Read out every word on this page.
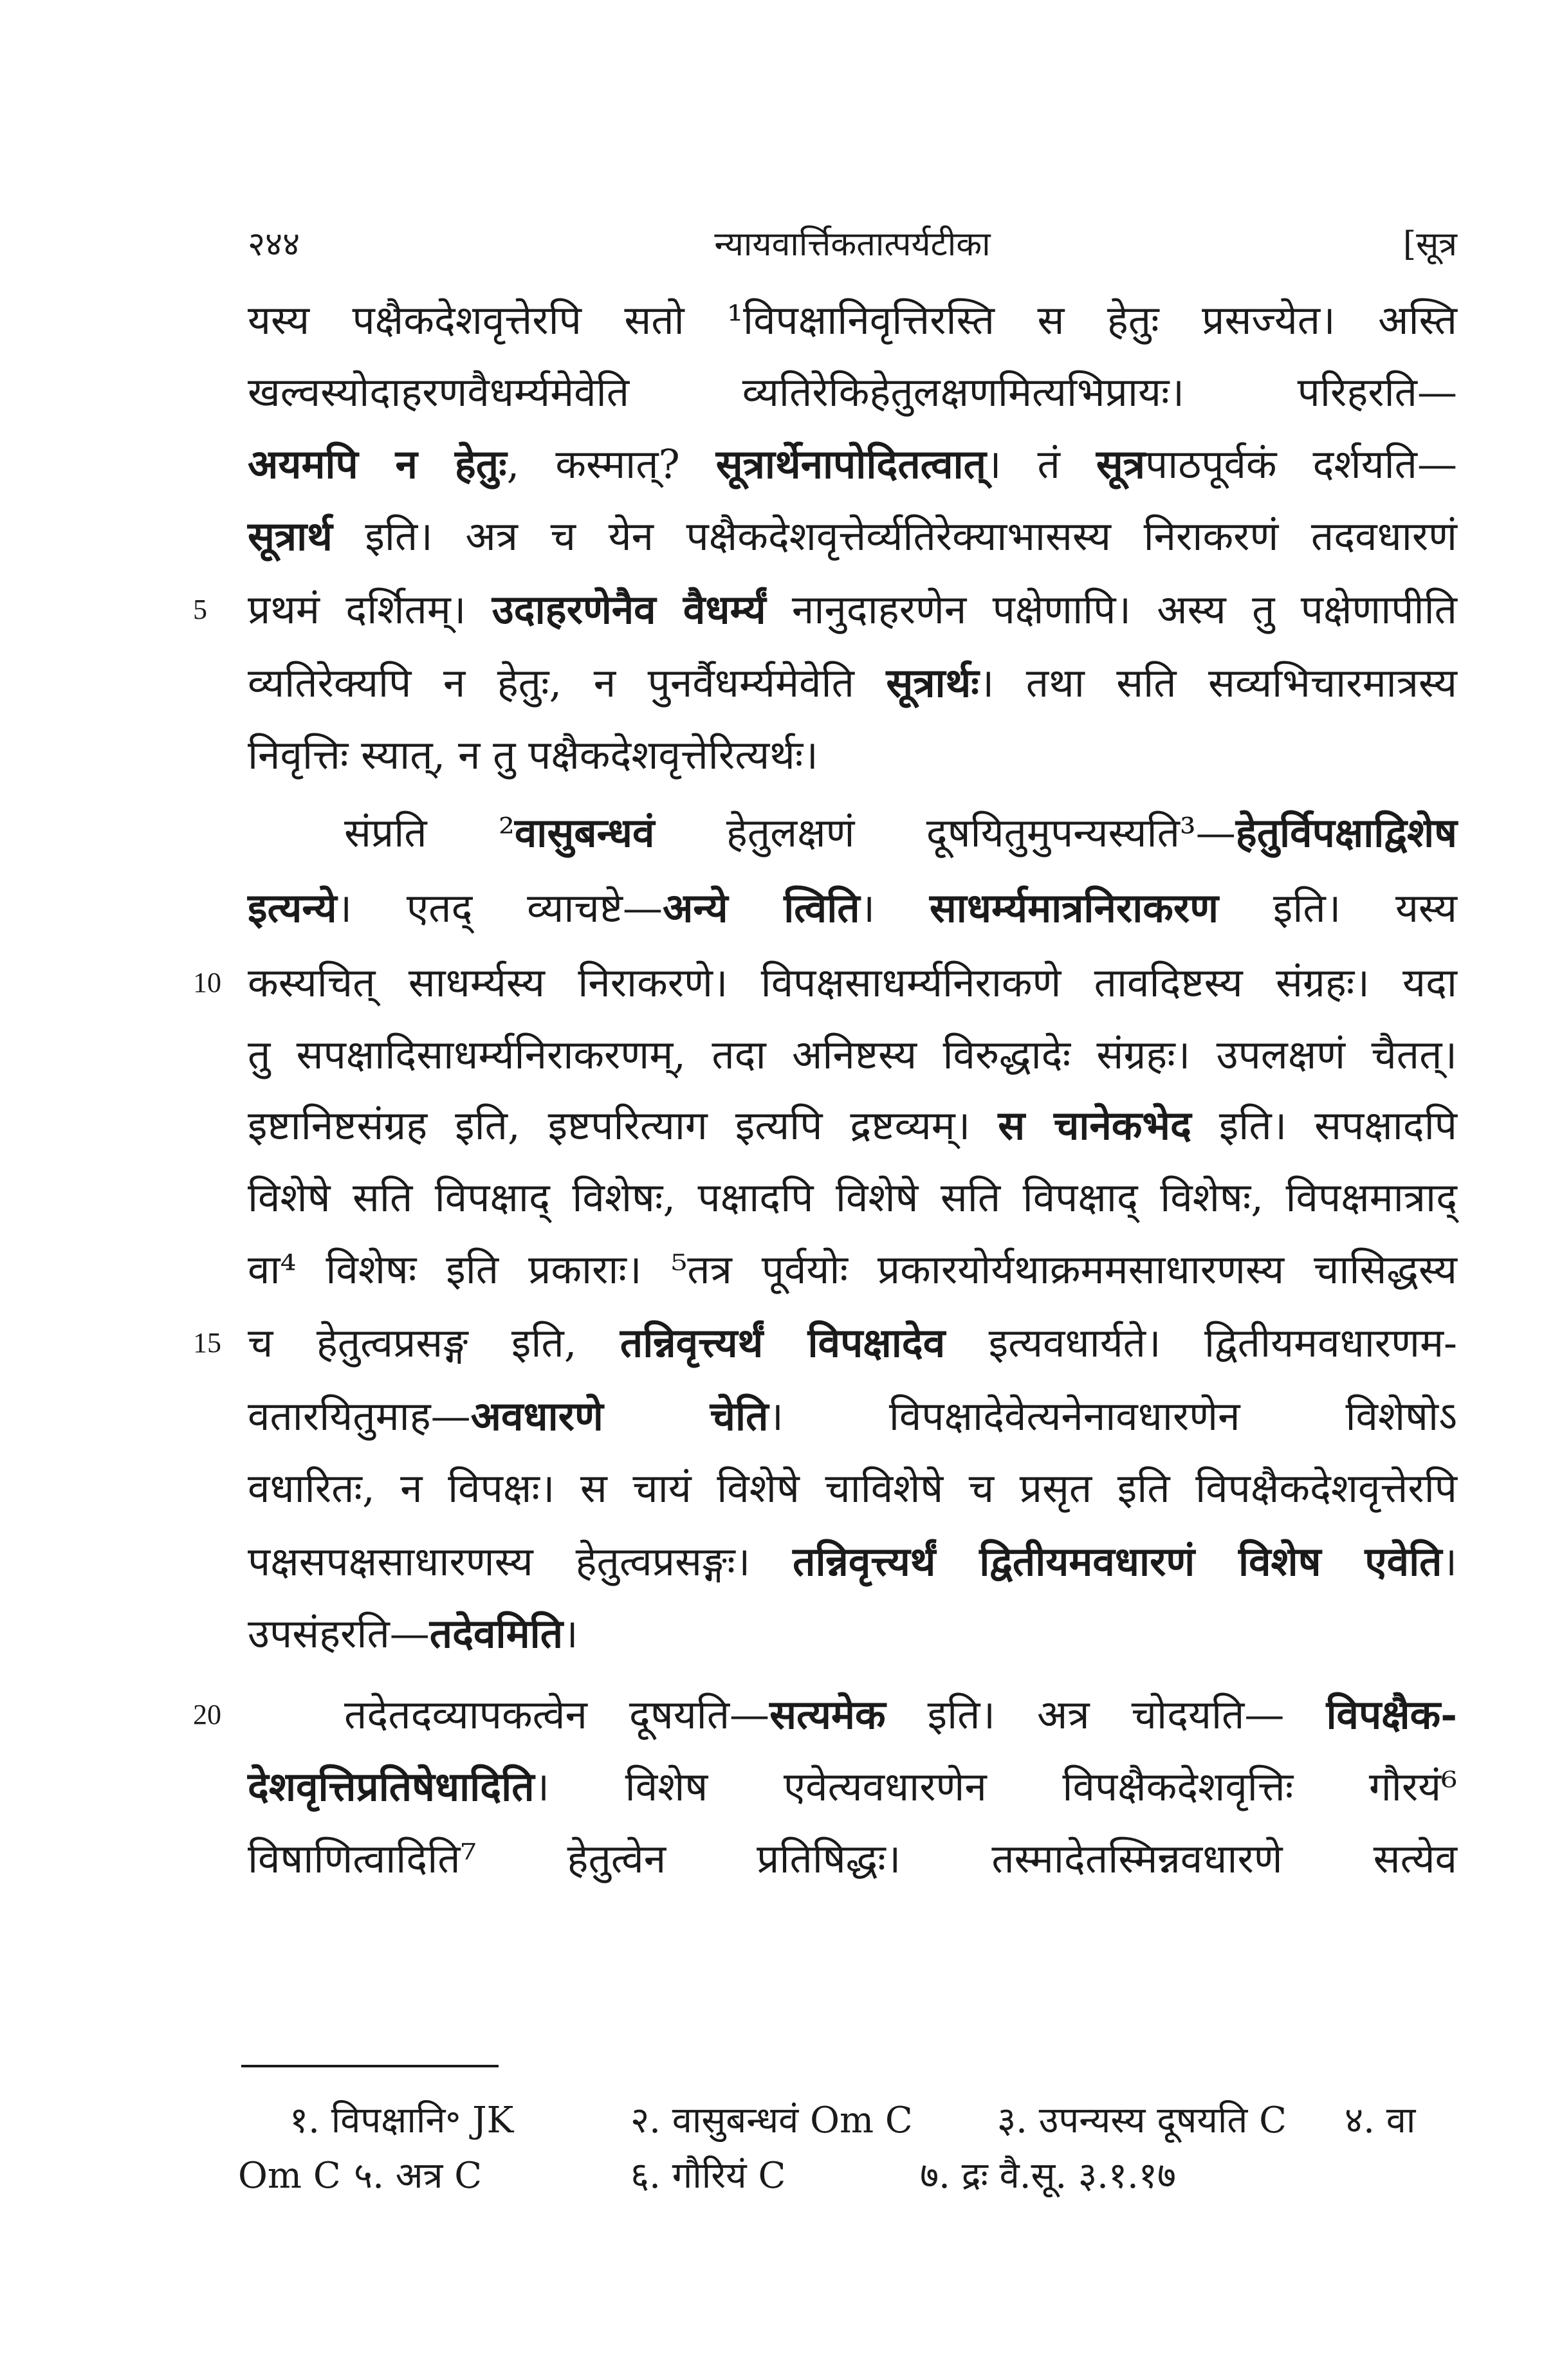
२४४	न्यायवार्त्तिकतात्पर्यटीका	[सूत्र
यस्य पक्षैकदेशवृत्तेरपि सतो ¹विपक्षानिवृत्तिरस्ति स हेतुः प्रसज्येत। अस्ति
खल्वस्योदाहरणवैधर्म्यमेवेति व्यतिरेकिहेतुलक्षणमित्यभिप्रायः। परिहरति—
अयमपि न हेतुः, कस्मात्? सूत्रार्थेनापोदितत्वात्। तं सूत्रपाठपूर्वकं दर्शयति—
सूत्रार्थ इति। अत्र च येन पक्षैकदेशवृत्तेर्व्यतिरेक्याभासस्य निराकरणं तदवधारणं
प्रथमं दर्शितम्। उदाहरणेनैव वैधर्म्यं नानुदाहरणेन पक्षेणापि। अस्य तु पक्षेणापीति
5
व्यतिरेक्यपि न हेतुः, न पुनर्वैधर्म्यमेवेति सूत्रार्थः। तथा सति सव्यभिचारमात्रस्य
निवृत्तिः स्यात्, न तु पक्षैकदेशवृत्तेरित्यर्थः।
संप्रति ²वासुबन्धवं हेतुलक्षणं दूषयितुमुपन्यस्यति³—हेतुर्विपक्षाद्विशेष
इत्यन्ये। एतद् व्याचष्टे—अन्ये त्विति। साधर्म्यमात्रनिराकरण इति। यस्य
कस्यचित् साधर्म्यस्य निराकरणे। विपक्षसाधर्म्यनिराकणे तावदिष्टस्य संग्रहः। यदा
10
तु सपक्षादिसाधर्म्यनिराकरणम्, तदा अनिष्टस्य विरुद्धादेः संग्रहः। उपलक्षणं चैतत्।
इष्टानिष्टसंग्रह इति, इष्टपरित्याग इत्यपि द्रष्टव्यम्। स चानेकभेद इति। सपक्षादपि
विशेषे सति विपक्षाद् विशेषः, पक्षादपि विशेषे सति विपक्षाद् विशेषः, विपक्षमात्राद्
वा⁴ विशेषः इति प्रकाराः। ⁵तत्र पूर्वयोः प्रकारयोर्यथाक्रममसाधारणस्य चासिद्धस्य
च हेतुत्वप्रसङ्ग इति, तन्निवृत्त्यर्थं विपक्षादेव इत्यवधार्यते। द्वितीयमवधारणम-
15
वतारयितुमाह—अवधारणे चेति। विपक्षादेवेत्यनेनावधारणेन विशेषोऽ
वधारितः, न विपक्षः। स चायं विशेषे चाविशेषे च प्रसृत इति विपक्षैकदेशवृत्तेरपि
पक्षसपक्षसाधारणस्य हेतुत्वप्रसङ्गः। तन्निवृत्त्यर्थं द्वितीयमवधारणं विशेष एवेति।
उपसंहरति—तदेवमिति।
तदेतदव्यापकत्वेन दूषयति—सत्यमेक इति। अत्र चोदयति— विपक्षैक-
20
देशवृत्तिप्रतिषेधादिति। विशेष एवेत्यवधारणेन विपक्षैकदेशवृत्तिः गौरयं⁶
विषाणित्वादिति⁷ हेतुत्वेन प्रतिषिद्धः। तस्मादेतस्मिन्नवधारणे सत्येव
१. विपक्षानि॰ JK	२. वासुबन्धवं Om C ३. उपन्यस्य दूषयति C ४. वा
Om C ५. अत्र C	६. गौरियं C	७. द्रः वै.सू. ३.१.१७
